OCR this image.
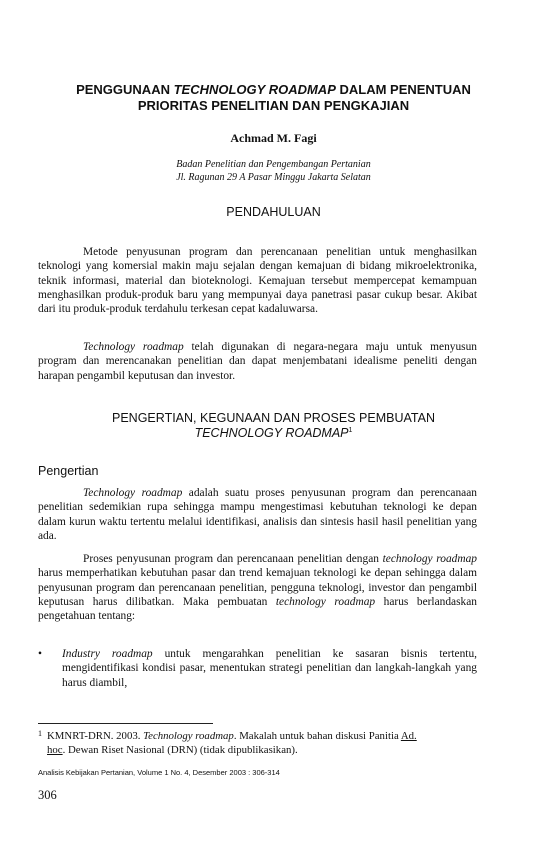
PENGGUNAAN TECHNOLOGY ROADMAP DALAM PENENTUAN
PRIORITAS PENELITIAN DAN PENGKAJIAN
Achmad M. Fagi
Badan Penelitian dan Pengembangan Pertanian
Jl. Ragunan 29 A Pasar Minggu Jakarta Selatan
PENDAHULUAN

Metode penyusunan program dan perencanaan penelitian untuk menghasilkan teknologi yang komersial makin maju sejalan dengan kemajuan di bidang mikroelektronika, teknik informasi, material dan bioteknologi. Kemajuan tersebut mempercepat kemampuan menghasilkan produk-produk baru yang mempunyai daya panetrasi pasar cukup besar. Akibat dari itu produk-produk terdahulu terkesan cepat kadaluwarsa.

Technology roadmap telah digunakan di negara-negara maju untuk menyusun program dan merencanakan penelitian dan dapat menjembatani idealisme peneliti dengan harapan pengambil keputusan dan investor.

PENGERTIAN, KEGUNAAN DAN PROSES PEMBUATAN
TECHNOLOGY ROADMAP$^1$
Pengertian

Technology roadmap adalah suatu proses penyusunan program dan perencanaan penelitian sedemikian rupa sehingga mampu mengestimasi kebutuhan teknologi ke depan dalam kurun waktu tertentu melalui identifikasi, analisis dan sintesis hasil hasil penelitian yang ada.

Proses penyusunan program dan perencanaan penelitian dengan technology roadmap harus memperhatikan kebutuhan pasar dan trend kemajuan teknologi ke depan sehingga dalam penyusunan program dan perencanaan penelitian, pengguna teknologi, investor dan pengambil keputusan harus dilibatkan. Maka pembuatan technology roadmap harus berlandaskan pengetahuan tentang:

•	Industry roadmap untuk mengarahkan penelitian ke sasaran bisnis tertentu, mengidentifikasi kondisi pasar, menentukan strategi penelitian dan langkah-langkah yang harus diambil,
1 KMNRT-DRN. 2003. Technology roadmap. Makalah untuk bahan diskusi Panitia Ad.
hoc. Dewan Riset Nasional (DRN) (tidak dipublikasikan).
Analisis Kebijakan Pertanian, Volume 1 No. 4, Desember 2003 : 306-314
306
